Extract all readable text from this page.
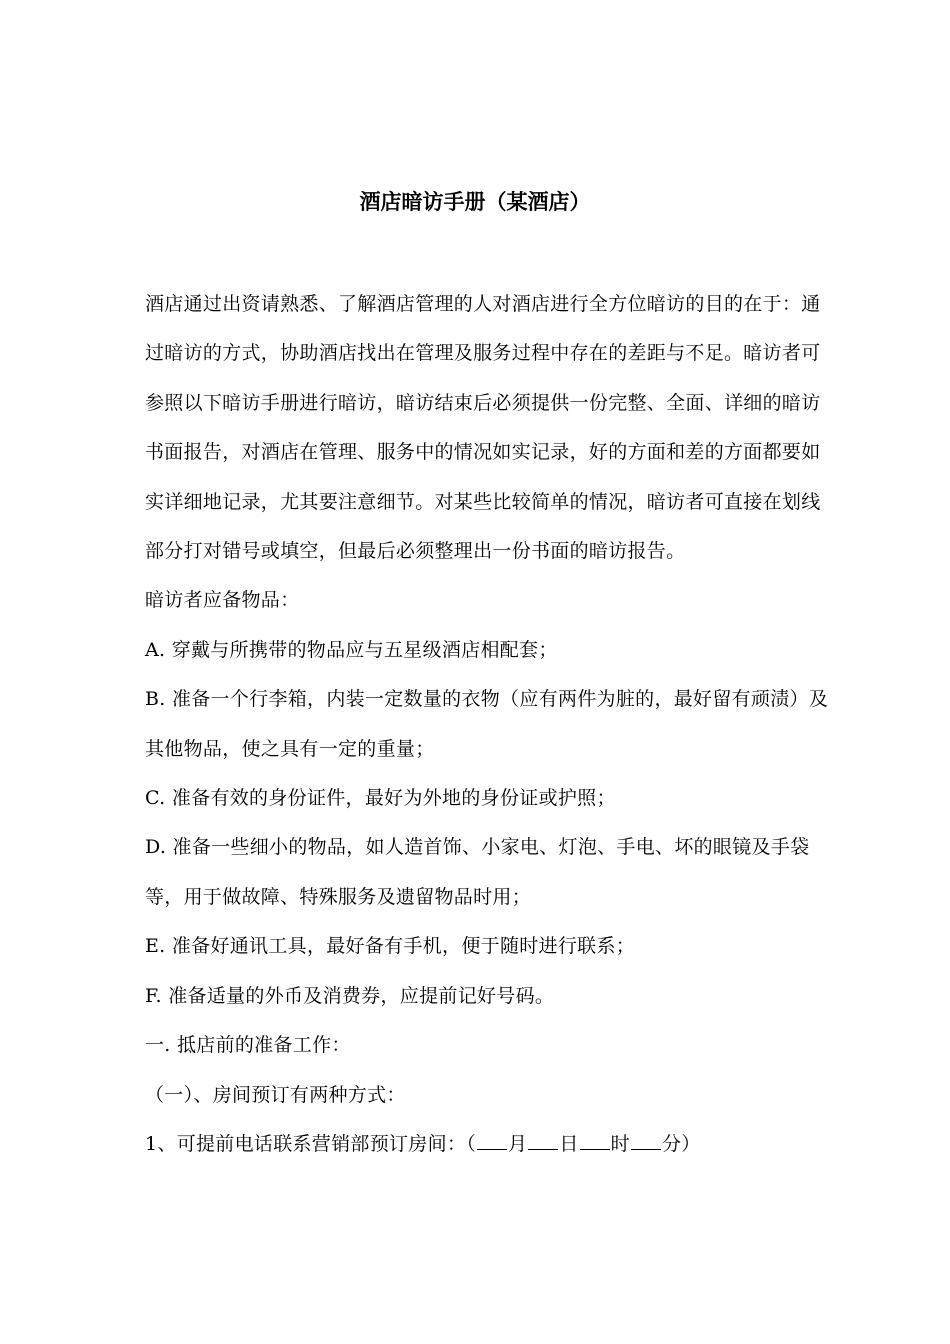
酒店暗访手册（某酒店）

酒店通过出资请熟悉、了解酒店管理的人对酒店进行全方位暗访的目的在于：通过暗访的方式，协助酒店找出在管理及服务过程中存在的差距与不足。暗访者可参照以下暗访手册进行暗访，暗访结束后必须提供一份完整、全面、详细的暗访书面报告，对酒店在管理、服务中的情况如实记录，好的方面和差的方面都要如实详细地记录，尤其要注意细节。对某些比较简单的情况，暗访者可直接在划线部分打对错号或填空，但最后必须整理出一份书面的暗访报告。

暗访者应备物品：

A. 穿戴与所携带的物品应与五星级酒店相配套；

B. 准备一个行李箱，内装一定数量的衣物（应有两件为脏的，最好留有顽渍）及其他物品，使之具有一定的重量；

C. 准备有效的身份证件，最好为外地的身份证或护照；

D. 准备一些细小的物品，如人造首饰、小家电、灯泡、手电、坏的眼镜及手袋等，用于做故障、特殊服务及遗留物品时用；

E. 准备好通讯工具，最好备有手机，便于随时进行联系；

F. 准备适量的外币及消费券，应提前记好号码。

一. 抵店前的准备工作：

（一）、房间预订有两种方式：

1、可提前电话联系营销部预订房间：（ 月 日 时 分）
